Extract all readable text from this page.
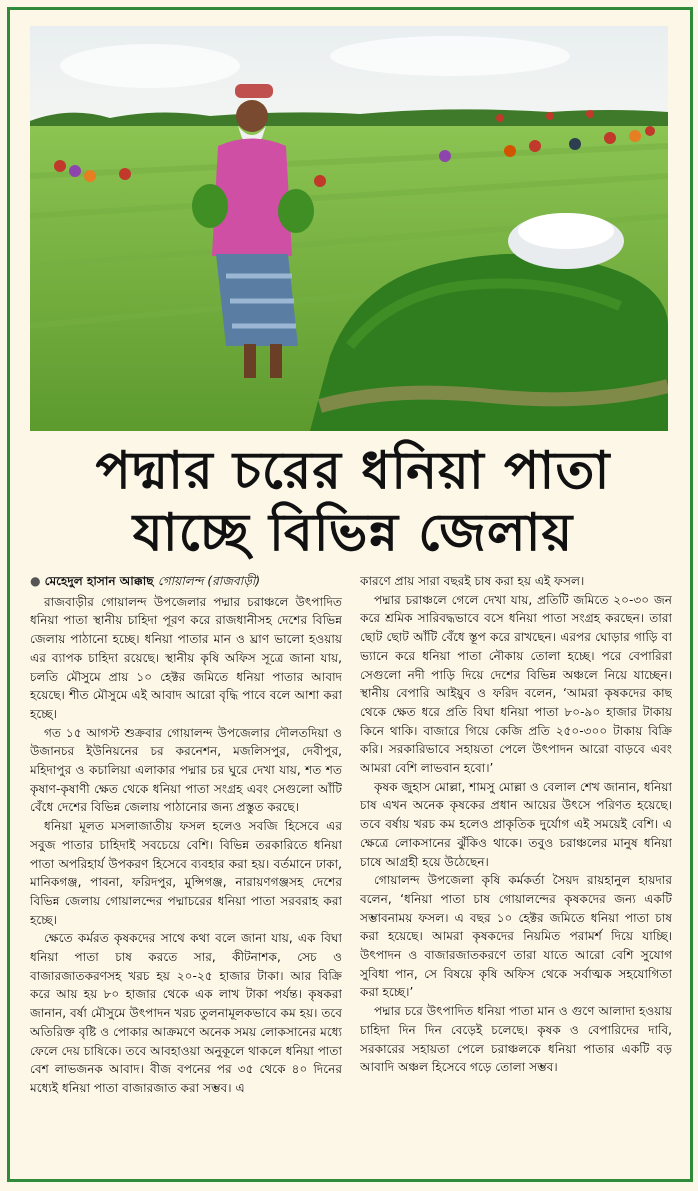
পদ্মার চরের ধনিয়া পাতা
যাচ্ছে বিভিন্ন জেলায়

● মেহেদুল হাসান আক্কাছ গোয়ালন্দ (রাজবাড়ী)

রাজবাড়ীর গোয়ালন্দ উপজেলার পদ্মার চরাঞ্চলে উৎপাদিত ধনিয়া পাতা স্থানীয় চাহিদা পূরণ করে রাজধানীসহ দেশের বিভিন্ন জেলায় পাঠানো হচ্ছে। ধনিয়া পাতার মান ও ঘ্রাণ ভালো হওয়ায় এর ব্যাপক চাহিদা রয়েছে। স্থানীয় কৃষি অফিস সূত্রে জানা যায়, চলতি মৌসুমে প্রায় ১০ হেক্টর জমিতে ধনিয়া পাতার আবাদ হয়েছে। শীত মৌসুমে এই আবাদ আরো বৃদ্ধি পাবে বলে আশা করা হচ্ছে।

গত ১৫ আগস্ট শুক্রবার গোয়ালন্দ উপজেলার দৌলতদিয়া ও উজানচর ইউনিয়নের চর করনেশন, মজলিসপুর, দেবীপুর, মহিদাপুর ও কচালিয়া এলাকার পদ্মার চর ঘুরে দেখা যায়, শত শত কৃষাণ-কৃষাণী ক্ষেত থেকে ধনিয়া পাতা সংগ্রহ এবং সেগুলো আঁটি বেঁধে দেশের বিভিন্ন জেলায় পাঠানোর জন্য প্রস্তুত করছে।

ধনিয়া মূলত মসলাজাতীয় ফসল হলেও সবজি হিসেবে এর সবুজ পাতার চাহিদাই সবচেয়ে বেশি। বিভিন্ন তরকারিতে ধনিয়া পাতা অপরিহার্য উপকরণ হিসেবে ব্যবহার করা হয়। বর্তমানে ঢাকা, মানিকগঞ্জ, পাবনা, ফরিদপুর, মুন্সিগঞ্জ, নারায়ণগঞ্জসহ দেশের বিভিন্ন জেলায় গোয়ালন্দের পদ্মাচরের ধনিয়া পাতা সরবরাহ করা হচ্ছে।

ক্ষেতে কর্মরত কৃষকদের সাথে কথা বলে জানা যায়, এক বিঘা ধনিয়া পাতা চাষ করতে সার, কীটনাশক, সেচ ও বাজারজাতকরণসহ খরচ হয় ২০-২৫ হাজার টাকা। আর বিক্রি করে আয় হয় ৮০ হাজার থেকে এক লাখ টাকা পর্যন্ত। কৃষকরা জানান, বর্ষা মৌসুমে উৎপাদন খরচ তুলনামূলকভাবে কম হয়। তবে অতিরিক্ত বৃষ্টি ও পোকার আক্রমণে অনেক সময় লোকসানের মধ্যে ফেলে দেয় চাষিকে। তবে আবহাওয়া অনুকূলে থাকলে ধনিয়া পাতা বেশ লাভজনক আবাদ। বীজ বপনের পর ৩৫ থেকে ৪০ দিনের মধ্যেই ধনিয়া পাতা বাজারজাত করা সম্ভব। এ

কারণে প্রায় সারা বছরই চাষ করা হয় এই ফসল।

পদ্মার চরাঞ্চলে গেলে দেখা যায়, প্রতিটি জমিতে ২০-৩০ জন করে শ্রমিক সারিবদ্ধভাবে বসে ধনিয়া পাতা সংগ্রহ করছেন। তারা ছোট ছোট আঁটি বেঁধে স্তূপ করে রাখছেন। এরপর ঘোড়ার গাড়ি বা ভ্যানে করে ধনিয়া পাতা নৌকায় তোলা হচ্ছে। পরে বেপারিরা সেগুলো নদী পাড়ি দিয়ে দেশের বিভিন্ন অঞ্চলে নিয়ে যাচ্ছেন। স্থানীয় বেপারি আইয়ুব ও ফরিদ বলেন, ‘আমরা কৃষকদের কাছ থেকে ক্ষেত ধরে প্রতি বিঘা ধনিয়া পাতা ৮০-৯০ হাজার টাকায় কিনে থাকি। বাজারে গিয়ে কেজি প্রতি ২৫০-৩০০ টাকায় বিক্রি করি। সরকারিভাবে সহায়তা পেলে উৎপাদন আরো বাড়বে এবং আমরা বেশি লাভবান হবো।’

কৃষক জুহাস মোল্লা, শামসু মোল্লা ও বেলাল শেখ জানান, ধনিয়া চাষ এখন অনেক কৃষকের প্রধান আয়ের উৎসে পরিণত হয়েছে। তবে বর্ষায় খরচ কম হলেও প্রাকৃতিক দুর্যোগ এই সময়েই বেশি। এ ক্ষেত্রে লোকসানের ঝুঁকিও থাকে। তবুও চরাঞ্চলের মানুষ ধনিয়া চাষে আগ্রহী হয়ে উঠেছেন।

গোয়ালন্দ উপজেলা কৃষি কর্মকর্তা সৈয়দ রায়হানুল হায়দার বলেন, ‘ধনিয়া পাতা চাষ গোয়ালন্দের কৃষকদের জন্য একটি সম্ভাবনাময় ফসল। এ বছর ১০ হেক্টর জমিতে ধনিয়া পাতা চাষ করা হয়েছে। আমরা কৃষকদের নিয়মিত পরামর্শ দিয়ে যাচ্ছি। উৎপাদন ও বাজারজাতকরণে তারা যাতে আরো বেশি সুযোগ সুবিধা পান, সে বিষয়ে কৃষি অফিস থেকে সর্বাত্মক সহযোগিতা করা হচ্ছে।’

পদ্মার চরে উৎপাদিত ধনিয়া পাতা মান ও গুণে আলাদা হওয়ায় চাহিদা দিন দিন বেড়েই চলেছে। কৃষক ও বেপারিদের দাবি, সরকারের সহায়তা পেলে চরাঞ্চলকে ধনিয়া পাতার একটি বড় আবাদি অঞ্চল হিসেবে গড়ে তোলা সম্ভব।
